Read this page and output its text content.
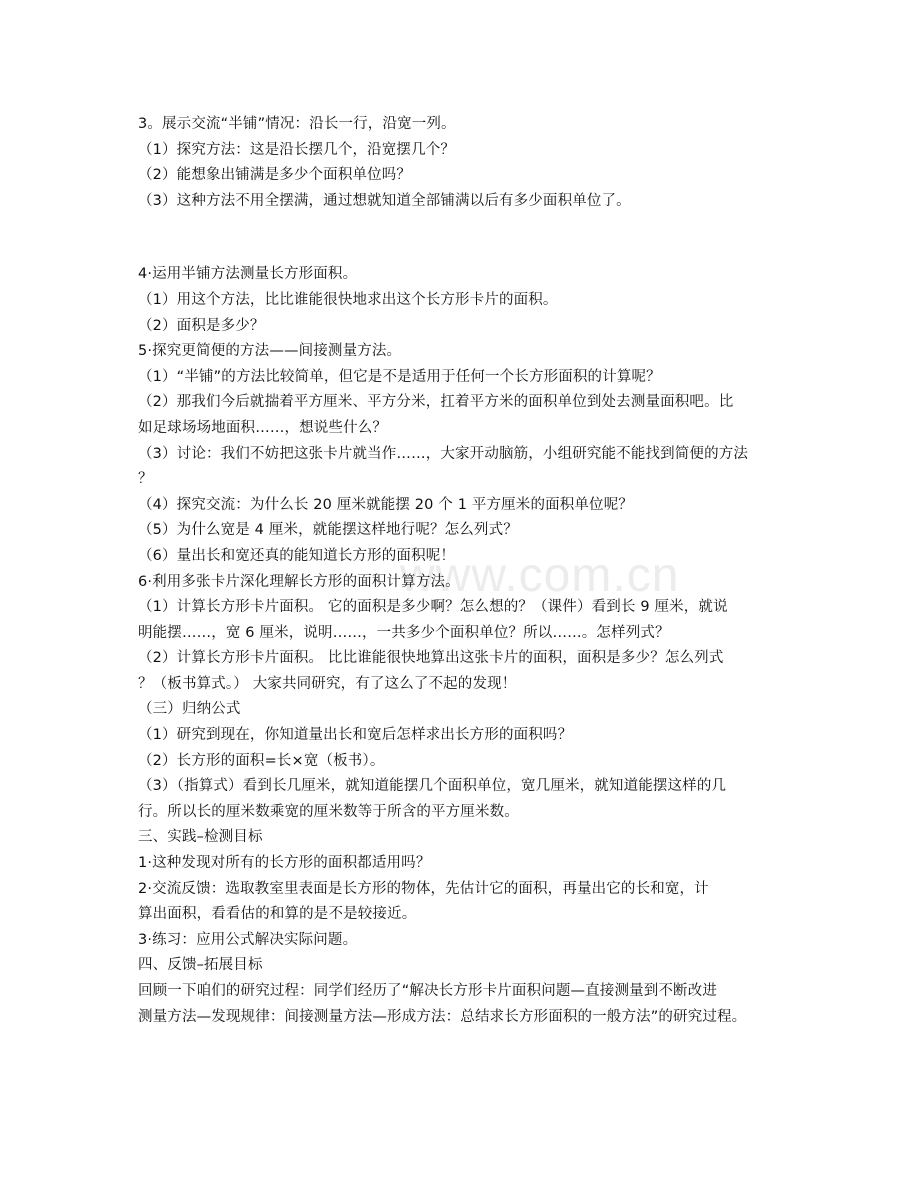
www.com.cn
3。展示交流“半铺”情况：沿长一行，沿宽一列。
（1）探究方法：这是沿长摆几个，沿宽摆几个？
（2）能想象出铺满是多少个面积单位吗？
（3）这种方法不用全摆满，通过想就知道全部铺满以后有多少面积单位了。
4·运用半铺方法测量长方形面积。
（1）用这个方法，比比谁能很快地求出这个长方形卡片的面积。
（2）面积是多少？
5·探究更简便的方法——间接测量方法。
（1）“半铺”的方法比较简单，但它是不是适用于任何一个长方形面积的计算呢？
（2）那我们今后就揣着平方厘米、平方分米，扛着平方米的面积单位到处去测量面积吧。比
如足球场场地面积……，想说些什么？
（3）讨论：我们不妨把这张卡片就当作……，大家开动脑筋，小组研究能不能找到简便的方法
？
（4）探究交流：为什么长 20 厘米就能摆 20 个 1 平方厘米的面积单位呢？
（5）为什么宽是 4 厘米，就能摆这样地行呢？怎么列式？
（6）量出长和宽还真的能知道长方形的面积呢！
6·利用多张卡片深化理解长方形的面积计算方法。
（1）计算长方形卡片面积。 它的面积是多少啊？怎么想的？（课件）看到长 9 厘米，就说
明能摆……，宽 6 厘米，说明……，一共多少个面积单位？所以……。怎样列式？
（2）计算长方形卡片面积。 比比谁能很快地算出这张卡片的面积，面积是多少？怎么列式
？（板书算式。） 大家共同研究，有了这么了不起的发现！
（三）归纳公式
（1）研究到现在，你知道量出长和宽后怎样求出长方形的面积吗？
（2）长方形的面积=长×宽（板书）。
（3）（指算式）看到长几厘米，就知道能摆几个面积单位，宽几厘米，就知道能摆这样的几
行。所以长的厘米数乘宽的厘米数等于所含的平方厘米数。
三、实践–检测目标
1·这种发现对所有的长方形的面积都适用吗？
2·交流反馈：选取教室里表面是长方形的物体，先估计它的面积，再量出它的长和宽，计
算出面积，看看估的和算的是不是较接近。
3·练习：应用公式解决实际问题。
四、反馈–拓展目标
回顾一下咱们的研究过程：同学们经历了“解决长方形卡片面积问题—直接测量到不断改进
测量方法—发现规律：间接测量方法—形成方法：总结求长方形面积的一般方法”的研究过程。
